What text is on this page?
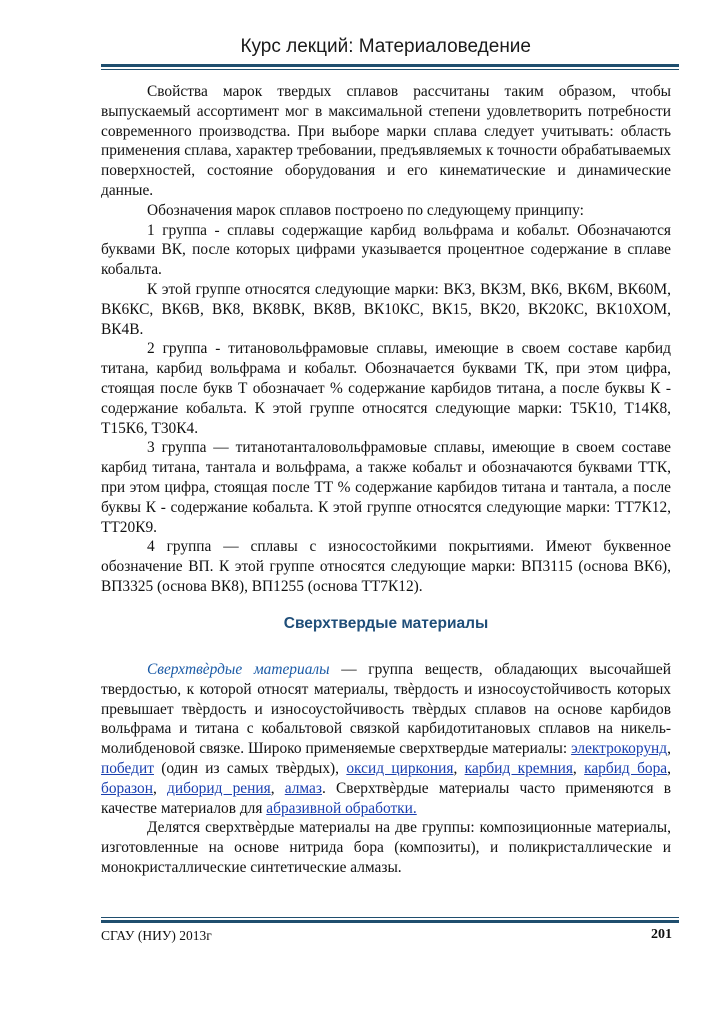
Курс лекций: Материаловедение

Свойства марок твердых сплавов рассчитаны таким образом, чтобы выпускаемый ассортимент мог в максимальной степени удовлетворить потребности современного производства. При выборе марки сплава следует учитывать: область применения сплава, характер требовании, предъявляемых к точности обрабатываемых поверхностей, состояние оборудования и его кинематические и динамические данные.

Обозначения марок сплавов построено по следующему принципу:

1 группа - сплавы содержащие карбид вольфрама и кобальт. Обозначаются буквами ВК, после которых цифрами указывается процентное содержание в сплаве кобальта.

К этой группе относятся следующие марки: ВКЗ, ВКЗМ, ВК6, ВК6М, ВК60М, ВК6КС, ВК6В, ВК8, ВК8ВК, ВК8В, ВК10КС, ВК15, ВК20, ВК20КС, ВК10ХОМ, ВК4В.

2 группа - титановольфрамовые сплавы, имеющие в своем составе карбид титана, карбид вольфрама и кобальт. Обозначается буквами ТК, при этом цифра, стоящая после букв Т обозначает % содержание карбидов титана, а после буквы К - содержание кобальта. К этой группе относятся следующие марки: Т5К10, Т14К8, Т15К6, Т30К4.

3 группа — титанотанталовольфрамовые сплавы, имеющие в своем составе карбид титана, тантала и вольфрама, а также кобальт и обозначаются буквами ТТК, при этом цифра, стоящая после ТТ % содержание карбидов титана и тантала, а после буквы К - содержание кобальта. К этой группе относятся следующие марки: ТТ7К12, ТТ20К9.

4 группа — сплавы с износостойкими покрытиями. Имеют буквенное обозначение ВП. К этой группе относятся следующие марки: ВП3115 (основа ВК6), ВП3325 (основа ВК8), ВП1255 (основа ТТ7К12).

Сверхтвердые материалы

Сверхтвѐрдые материалы — группа веществ, обладающих высочайшей твердостью, к которой относят материалы, твѐрдость и износоустойчивость которых превышает твѐрдость и износоустойчивость твѐрдых сплавов на основе карбидов вольфрама и титана с кобальтовой связкой карбидотитановых сплавов на никель-молибденовой связке. Широко применяемые сверхтвердые материалы: электрокорунд, победит (один из самых твѐрдых), оксид циркония, карбид кремния, карбид бора, боразон, диборид рения, алмаз. Сверхтвѐрдые материалы часто применяются в качестве материалов для абразивной обработки.

Делятся сверхтвѐрдые материалы на две группы: композиционные материалы, изготовленные на основе нитрида бора (композиты), и поликристаллические и монокристаллические синтетические алмазы.

СГАУ (НИУ) 2013г	201
